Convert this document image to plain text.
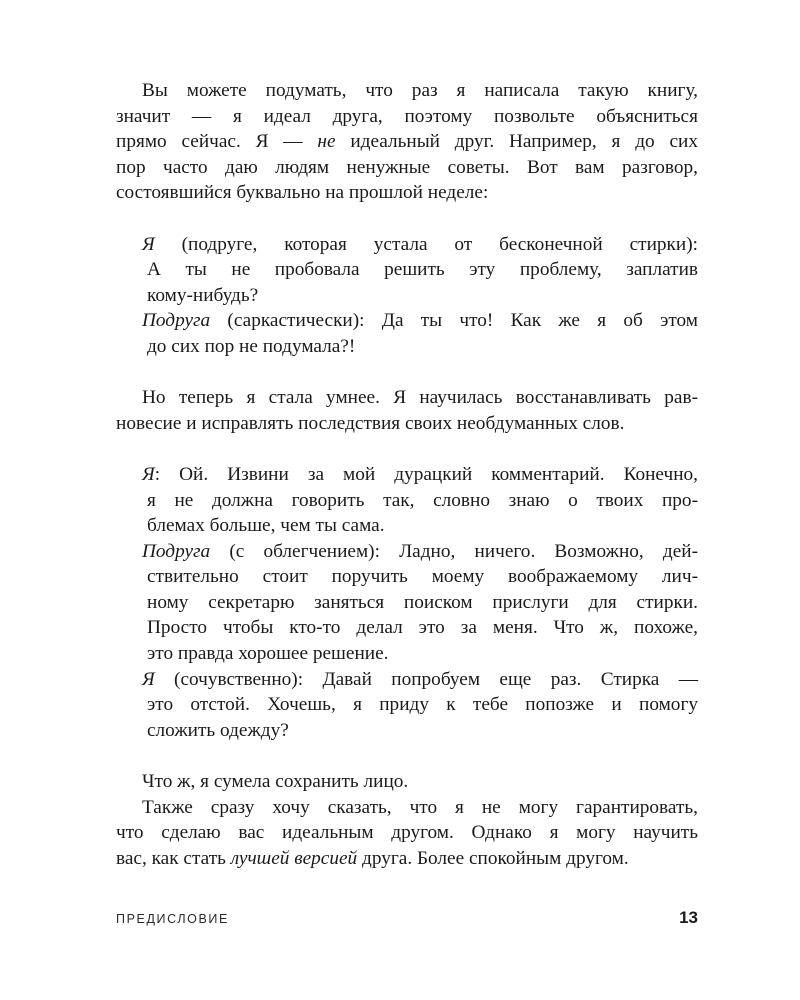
Вы можете подумать, что раз я написала такую книгу,
значит — я идеал друга, поэтому позвольте объясниться
прямо сейчас. Я — не идеальный друг. Например, я до сих
пор часто даю людям ненужные советы. Вот вам разговор,
состоявшийся буквально на прошлой неделе:
Я (подруге, которая устала от бесконечной стирки):
А ты не пробовала решить эту проблему, заплатив
кому-нибудь?
Подруга (саркастически): Да ты что! Как же я об этом
до сих пор не подумала?!
Но теперь я стала умнее. Я научилась восстанавливать рав-
новесие и исправлять последствия своих необдуманных слов.
Я: Ой. Извини за мой дурацкий комментарий. Конечно,
я не должна говорить так, словно знаю о твоих про-
блемах больше, чем ты сама.
Подруга (с облегчением): Ладно, ничего. Возможно, дей-
ствительно стоит поручить моему воображаемому лич-
ному секретарю заняться поиском прислуги для стирки.
Просто чтобы кто-то делал это за меня. Что ж, похоже,
это правда хорошее решение.
Я (сочувственно): Давай попробуем еще раз. Стирка —
это отстой. Хочешь, я приду к тебе попозже и помогу
сложить одежду?
Что ж, я сумела сохранить лицо.
Также сразу хочу сказать, что я не могу гарантировать,
что сделаю вас идеальным другом. Однако я могу научить
вас, как стать лучшей версией друга. Более спокойным другом.
ПРЕДИСЛОВИЕ	13
